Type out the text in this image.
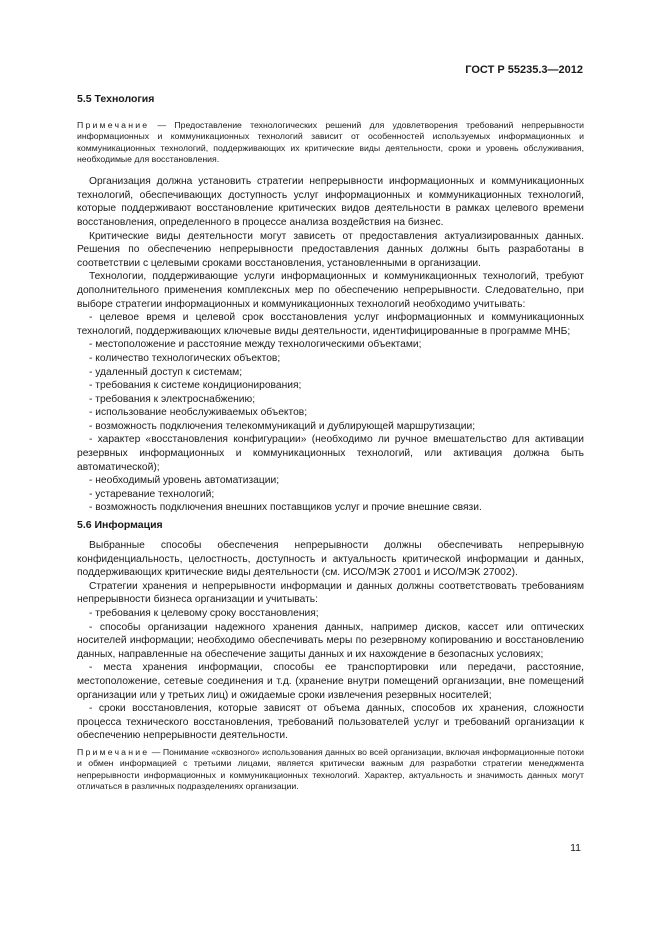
ГОСТ Р 55235.3—2012
5.5 Технология

Примечание — Предоставление технологических решений для удовлетворения требований непрерывности информационных и коммуникационных технологий зависит от особенностей используемых информационных и коммуникационных технологий, поддерживающих их критические виды деятельности, сроки и уровень обслуживания, необходимые для восстановления.

Организация должна установить стратегии непрерывности информационных и коммуникационных технологий, обеспечивающих доступность услуг информационных и коммуникационных технологий, которые поддерживают восстановление критических видов деятельности в рамках целевого времени восстановления, определенного в процессе анализа воздействия на бизнес.

Критические виды деятельности могут зависеть от предоставления актуализированных данных. Решения по обеспечению непрерывности предоставления данных должны быть разработаны в соответствии с целевыми сроками восстановления, установленными в организации.

Технологии, поддерживающие услуги информационных и коммуникационных технологий, требуют дополнительного применения комплексных мер по обеспечению непрерывности. Следовательно, при выборе стратегии информационных и коммуникационных технологий необходимо учитывать:

- целевое время и целевой срок восстановления услуг информационных и коммуникационных технологий, поддерживающих ключевые виды деятельности, идентифицированные в программе МНБ;

- местоположение и расстояние между технологическими объектами;

- количество технологических объектов;

- удаленный доступ к системам;

- требования к системе кондиционирования;

- требования к электроснабжению;

- использование необслуживаемых объектов;

- возможность подключения телекоммуникаций и дублирующей маршрутизации;

- характер «восстановления конфигурации» (необходимо ли ручное вмешательство для активации резервных информационных и коммуникационных технологий, или активация должна быть автоматической);

- необходимый уровень автоматизации;

- устаревание технологий;

- возможность подключения внешних поставщиков услуг и прочие внешние связи.

5.6 Информация

Выбранные способы обеспечения непрерывности должны обеспечивать непрерывную конфиденциальность, целостность, доступность и актуальность критической информации и данных, поддерживающих критические виды деятельности (см. ИСО/МЭК 27001 и ИСО/МЭК 27002).

Стратегии хранения и непрерывности информации и данных должны соответствовать требованиям непрерывности бизнеса организации и учитывать:

- требования к целевому сроку восстановления;

- способы организации надежного хранения данных, например дисков, кассет или оптических носителей информации; необходимо обеспечивать меры по резервному копированию и восстановлению данных, направленные на обеспечение защиты данных и их нахождение в безопасных условиях;

- места хранения информации, способы ее транспортировки или передачи, расстояние, местоположение, сетевые соединения и т.д. (хранение внутри помещений организации, вне помещений организации или у третьих лиц) и ожидаемые сроки извлечения резервных носителей;

- сроки восстановления, которые зависят от объема данных, способов их хранения, сложности процесса технического восстановления, требований пользователей услуг и требований организации к обеспечению непрерывности деятельности.

Примечание — Понимание «сквозного» использования данных во всей организации, включая информационные потоки и обмен информацией с третьими лицами, является критически важным для разработки стратегии менеджмента непрерывности информационных и коммуникационных технологий. Характер, актуальность и значимость данных могут отличаться в различных подразделениях организации.

11
